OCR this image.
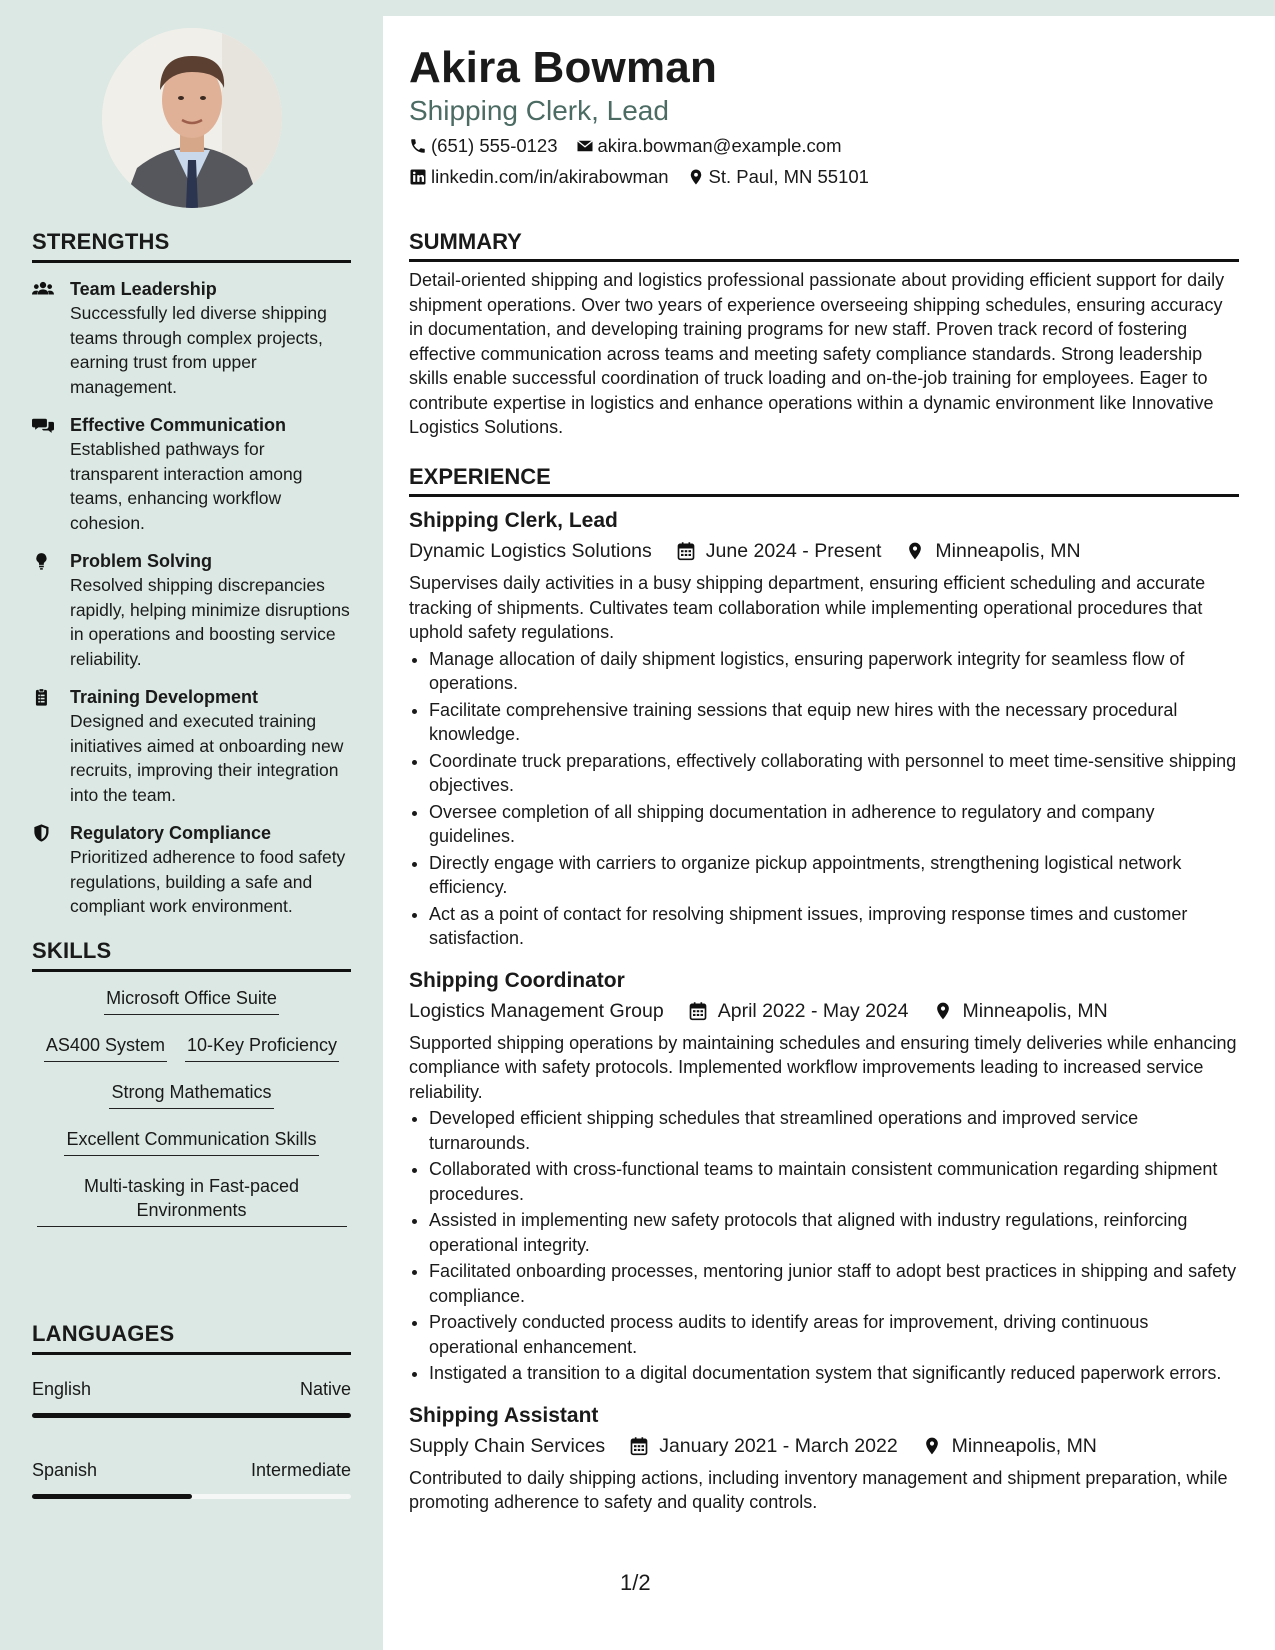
STRENGTHS
Team Leadership
Successfully led diverse shipping teams through complex projects, earning trust from upper management.
Effective Communication
Established pathways for transparent interaction among teams, enhancing workflow cohesion.
Problem Solving
Resolved shipping discrepancies rapidly, helping minimize disruptions in operations and boosting service reliability.
Training Development
Designed and executed training initiatives aimed at onboarding new recruits, improving their integration into the team.
Regulatory Compliance
Prioritized adherence to food safety regulations, building a safe and compliant work environment.
SKILLS
Microsoft Office Suite
AS400 System 10-Key Proficiency
Strong Mathematics
Excellent Communication Skills
Multi-tasking in Fast-paced Environments
LANGUAGES
English	Native
Spanish	Intermediate
Akira Bowman
Shipping Clerk, Lead
(651) 555-0123 akira.bowman@example.com
linkedin.com/in/akirabowman St. Paul, MN 55101
SUMMARY

Detail-oriented shipping and logistics professional passionate about providing efficient support for daily shipment operations. Over two years of experience overseeing shipping schedules, ensuring accuracy in documentation, and developing training programs for new staff. Proven track record of fostering effective communication across teams and meeting safety compliance standards. Strong leadership skills enable successful coordination of truck loading and on-the-job training for employees. Eager to contribute expertise in logistics and enhance operations within a dynamic environment like Innovative Logistics Solutions.

EXPERIENCE
Shipping Clerk, Lead
Dynamic Logistics Solutions	June 2024 - Present	Minneapolis, MN

Supervises daily activities in a busy shipping department, ensuring efficient scheduling and accurate tracking of shipments. Cultivates team collaboration while implementing operational procedures that uphold safety regulations.

• Manage allocation of daily shipment logistics, ensuring paperwork integrity for seamless flow of operations.
• Facilitate comprehensive training sessions that equip new hires with the necessary procedural knowledge.
• Coordinate truck preparations, effectively collaborating with personnel to meet time-sensitive shipping objectives.
• Oversee completion of all shipping documentation in adherence to regulatory and company guidelines.
• Directly engage with carriers to organize pickup appointments, strengthening logistical network efficiency.
• Act as a point of contact for resolving shipment issues, improving response times and customer satisfaction.
Shipping Coordinator
Logistics Management Group	April 2022 - May 2024	Minneapolis, MN

Supported shipping operations by maintaining schedules and ensuring timely deliveries while enhancing compliance with safety protocols. Implemented workflow improvements leading to increased service reliability.

• Developed efficient shipping schedules that streamlined operations and improved service turnarounds.
• Collaborated with cross-functional teams to maintain consistent communication regarding shipment procedures.
• Assisted in implementing new safety protocols that aligned with industry regulations, reinforcing operational integrity.
• Facilitated onboarding processes, mentoring junior staff to adopt best practices in shipping and safety compliance.
• Proactively conducted process audits to identify areas for improvement, driving continuous operational enhancement.
• Instigated a transition to a digital documentation system that significantly reduced paperwork errors.
Shipping Assistant
Supply Chain Services	January 2021 - March 2022	Minneapolis, MN

Contributed to daily shipping actions, including inventory management and shipment preparation, while promoting adherence to safety and quality controls.

1/2
